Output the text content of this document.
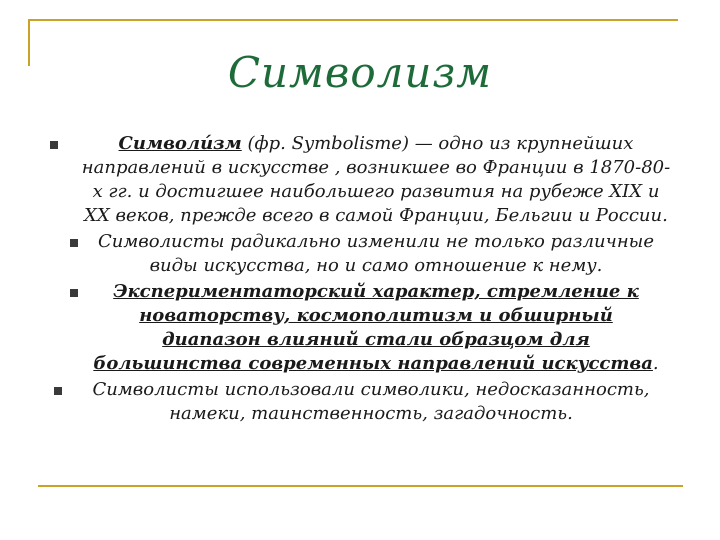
Символизм

Символи́зм (фр. Symbolisme) — одно из крупнейших направлений в искусстве , возникшее во Франции в 1870-80-х гг. и достигшее наибольшего развития на рубеже XIX и XX веков, прежде всего в самой Франции, Бельгии и России.

Символисты радикально изменили не только различные виды искусства, но и само отношение к нему.

Экспериментаторский характер, стремление к новаторству, космополитизм и обширный диапазон влияний стали образцом для большинства современных направлений искусства.

Символисты использовали символики, недосказанность, намеки, таинственность, загадочность.
